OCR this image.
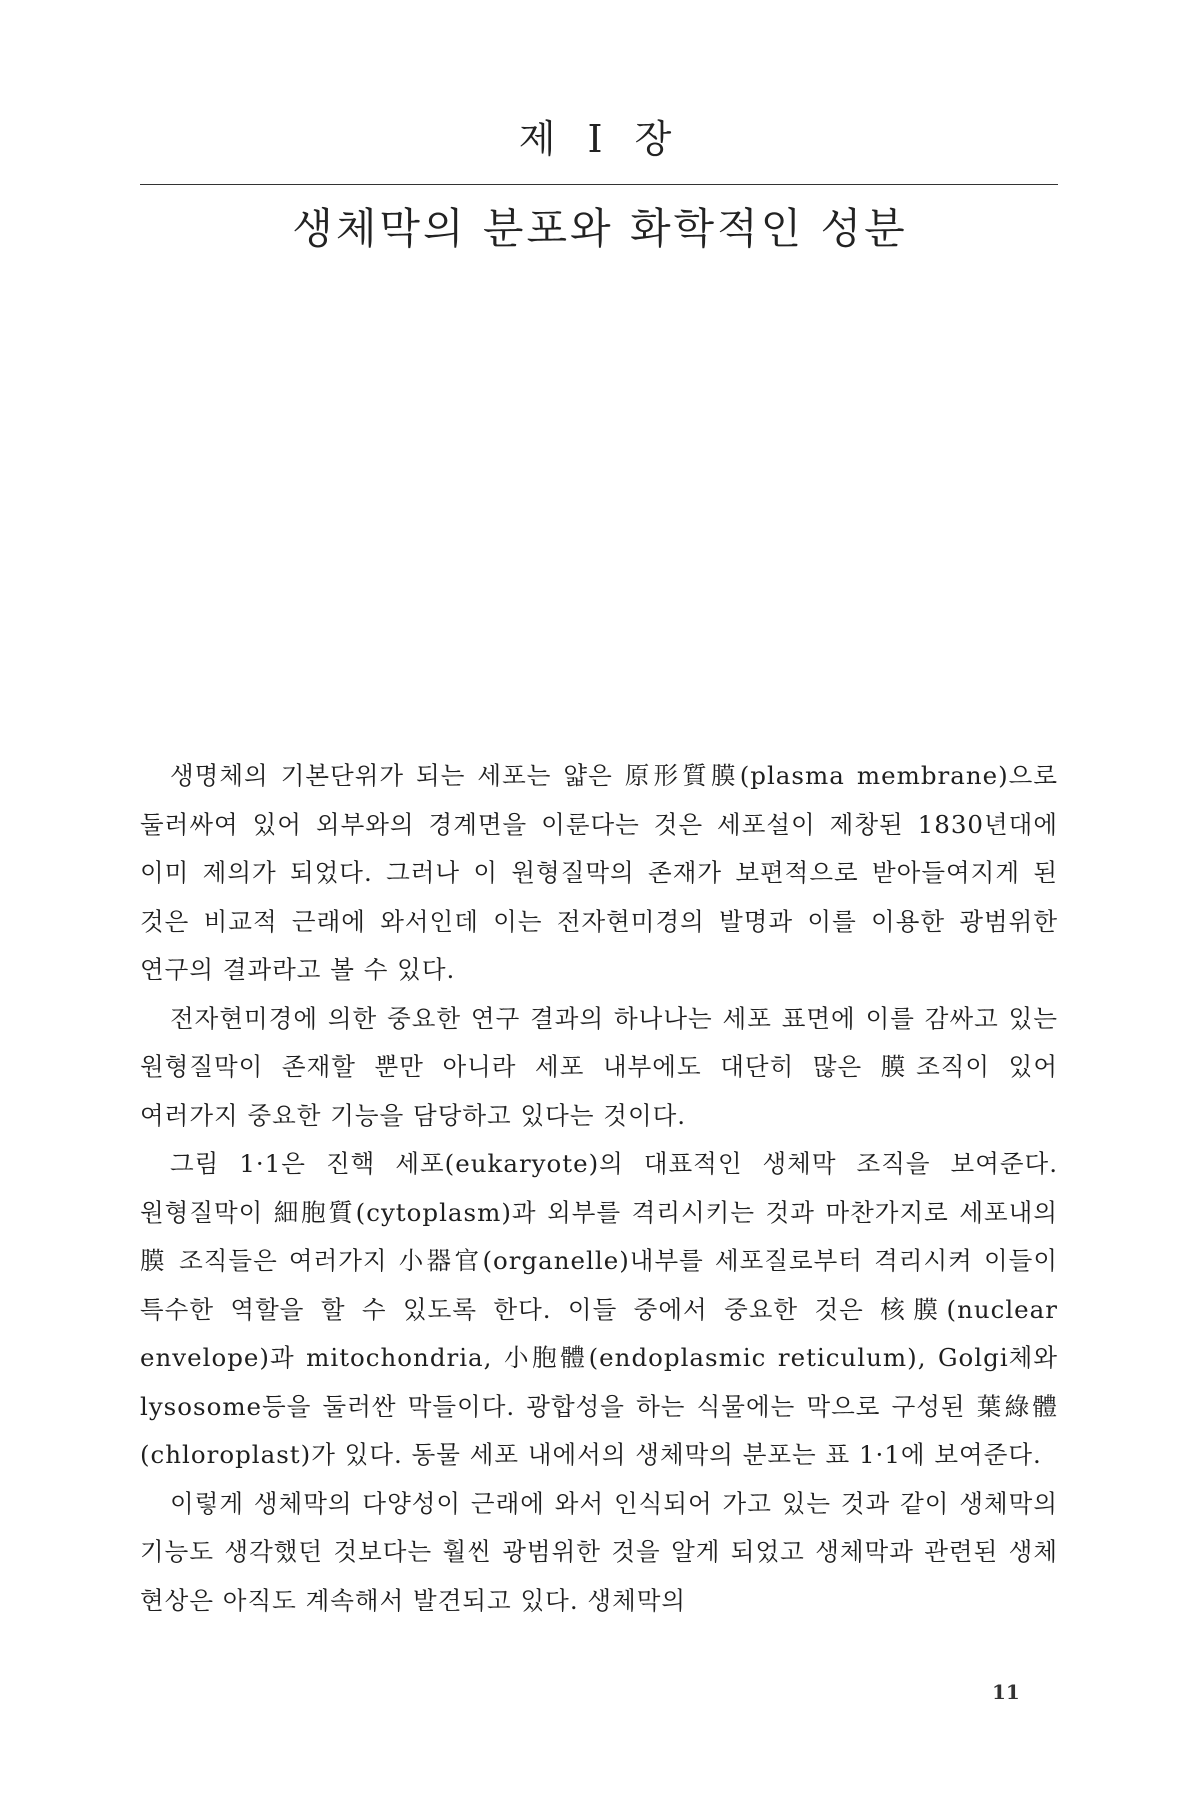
제 I 장
생체막의 분포와 화학적인 성분

생명체의 기본단위가 되는 세포는 얇은 原形質膜(plasma membrane)으로 둘러싸여 있어 외부와의 경계면을 이룬다는 것은 세포설이 제창된 1830년대에 이미 제의가 되었다. 그러나 이 원형질막의 존재가 보편적으로 받아들여지게 된 것은 비교적 근래에 와서인데 이는 전자현미경의 발명과 이를 이용한 광범위한 연구의 결과라고 볼 수 있다.

전자현미경에 의한 중요한 연구 결과의 하나나는 세포 표면에 이를 감싸고 있는 원형질막이 존재할 뿐만 아니라 세포 내부에도 대단히 많은 膜조직이 있어 여러가지 중요한 기능을 담당하고 있다는 것이다.

그림 1·1은 진핵 세포(eukaryote)의 대표적인 생체막 조직을 보여준다. 원형질막이 細胞質(cytoplasm)과 외부를 격리시키는 것과 마찬가지로 세포내의 膜 조직들은 여러가지 小器官(organelle)내부를 세포질로부터 격리시켜 이들이 특수한 역할을 할 수 있도록 한다. 이들 중에서 중요한 것은 核膜(nuclear envelope)과 mitochondria, 小胞體(endoplasmic reticulum), Golgi체와 lysosome등을 둘러싼 막들이다. 광합성을 하는 식물에는 막으로 구성된 葉綠體(chloroplast)가 있다. 동물 세포 내에서의 생체막의 분포는 표 1·1에 보여준다.

이렇게 생체막의 다양성이 근래에 와서 인식되어 가고 있는 것과 같이 생체막의 기능도 생각했던 것보다는 훨씬 광범위한 것을 알게 되었고 생체막과 관련된 생체 현상은 아직도 계속해서 발견되고 있다. 생체막의

11
